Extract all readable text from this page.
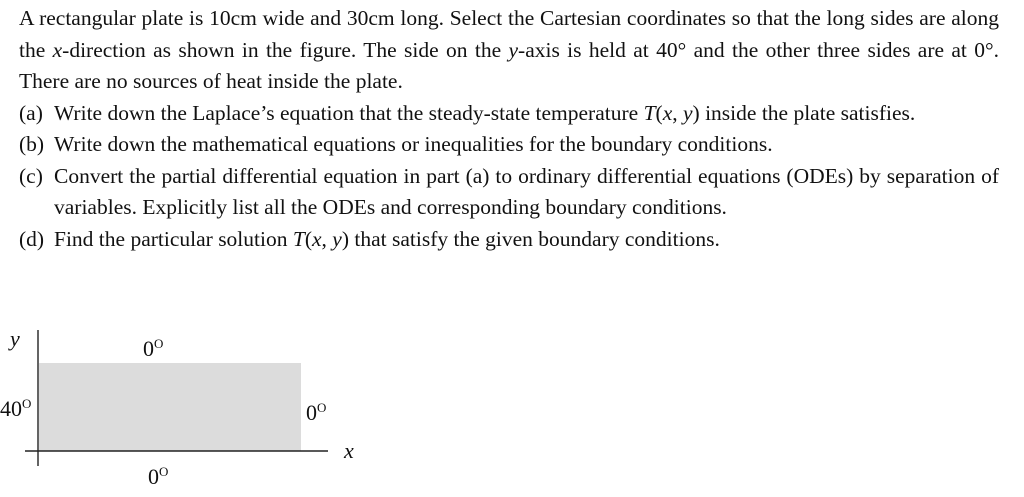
A rectangular plate is 10cm wide and 30cm long. Select the Cartesian coordinates so that the long sides are along the x-direction as shown in the figure. The side on the y-axis is held at 40° and the other three sides are at 0°. There are no sources of heat inside the plate.

(a) Write down the Laplace’s equation that the steady-state temperature T(x, y) inside the plate satisfies.
(b) Write down the mathematical equations or inequalities for the boundary conditions.
(c) Convert the partial differential equation in part (a) to ordinary differential equations (ODEs) by separation of variables. Explicitly list all the ODEs and corresponding boundary conditions.
(d) Find the particular solution T(x, y) that satisfy the given boundary conditions.
y
x
$0^O$
$40^O$	$0^O$
$0^O$
